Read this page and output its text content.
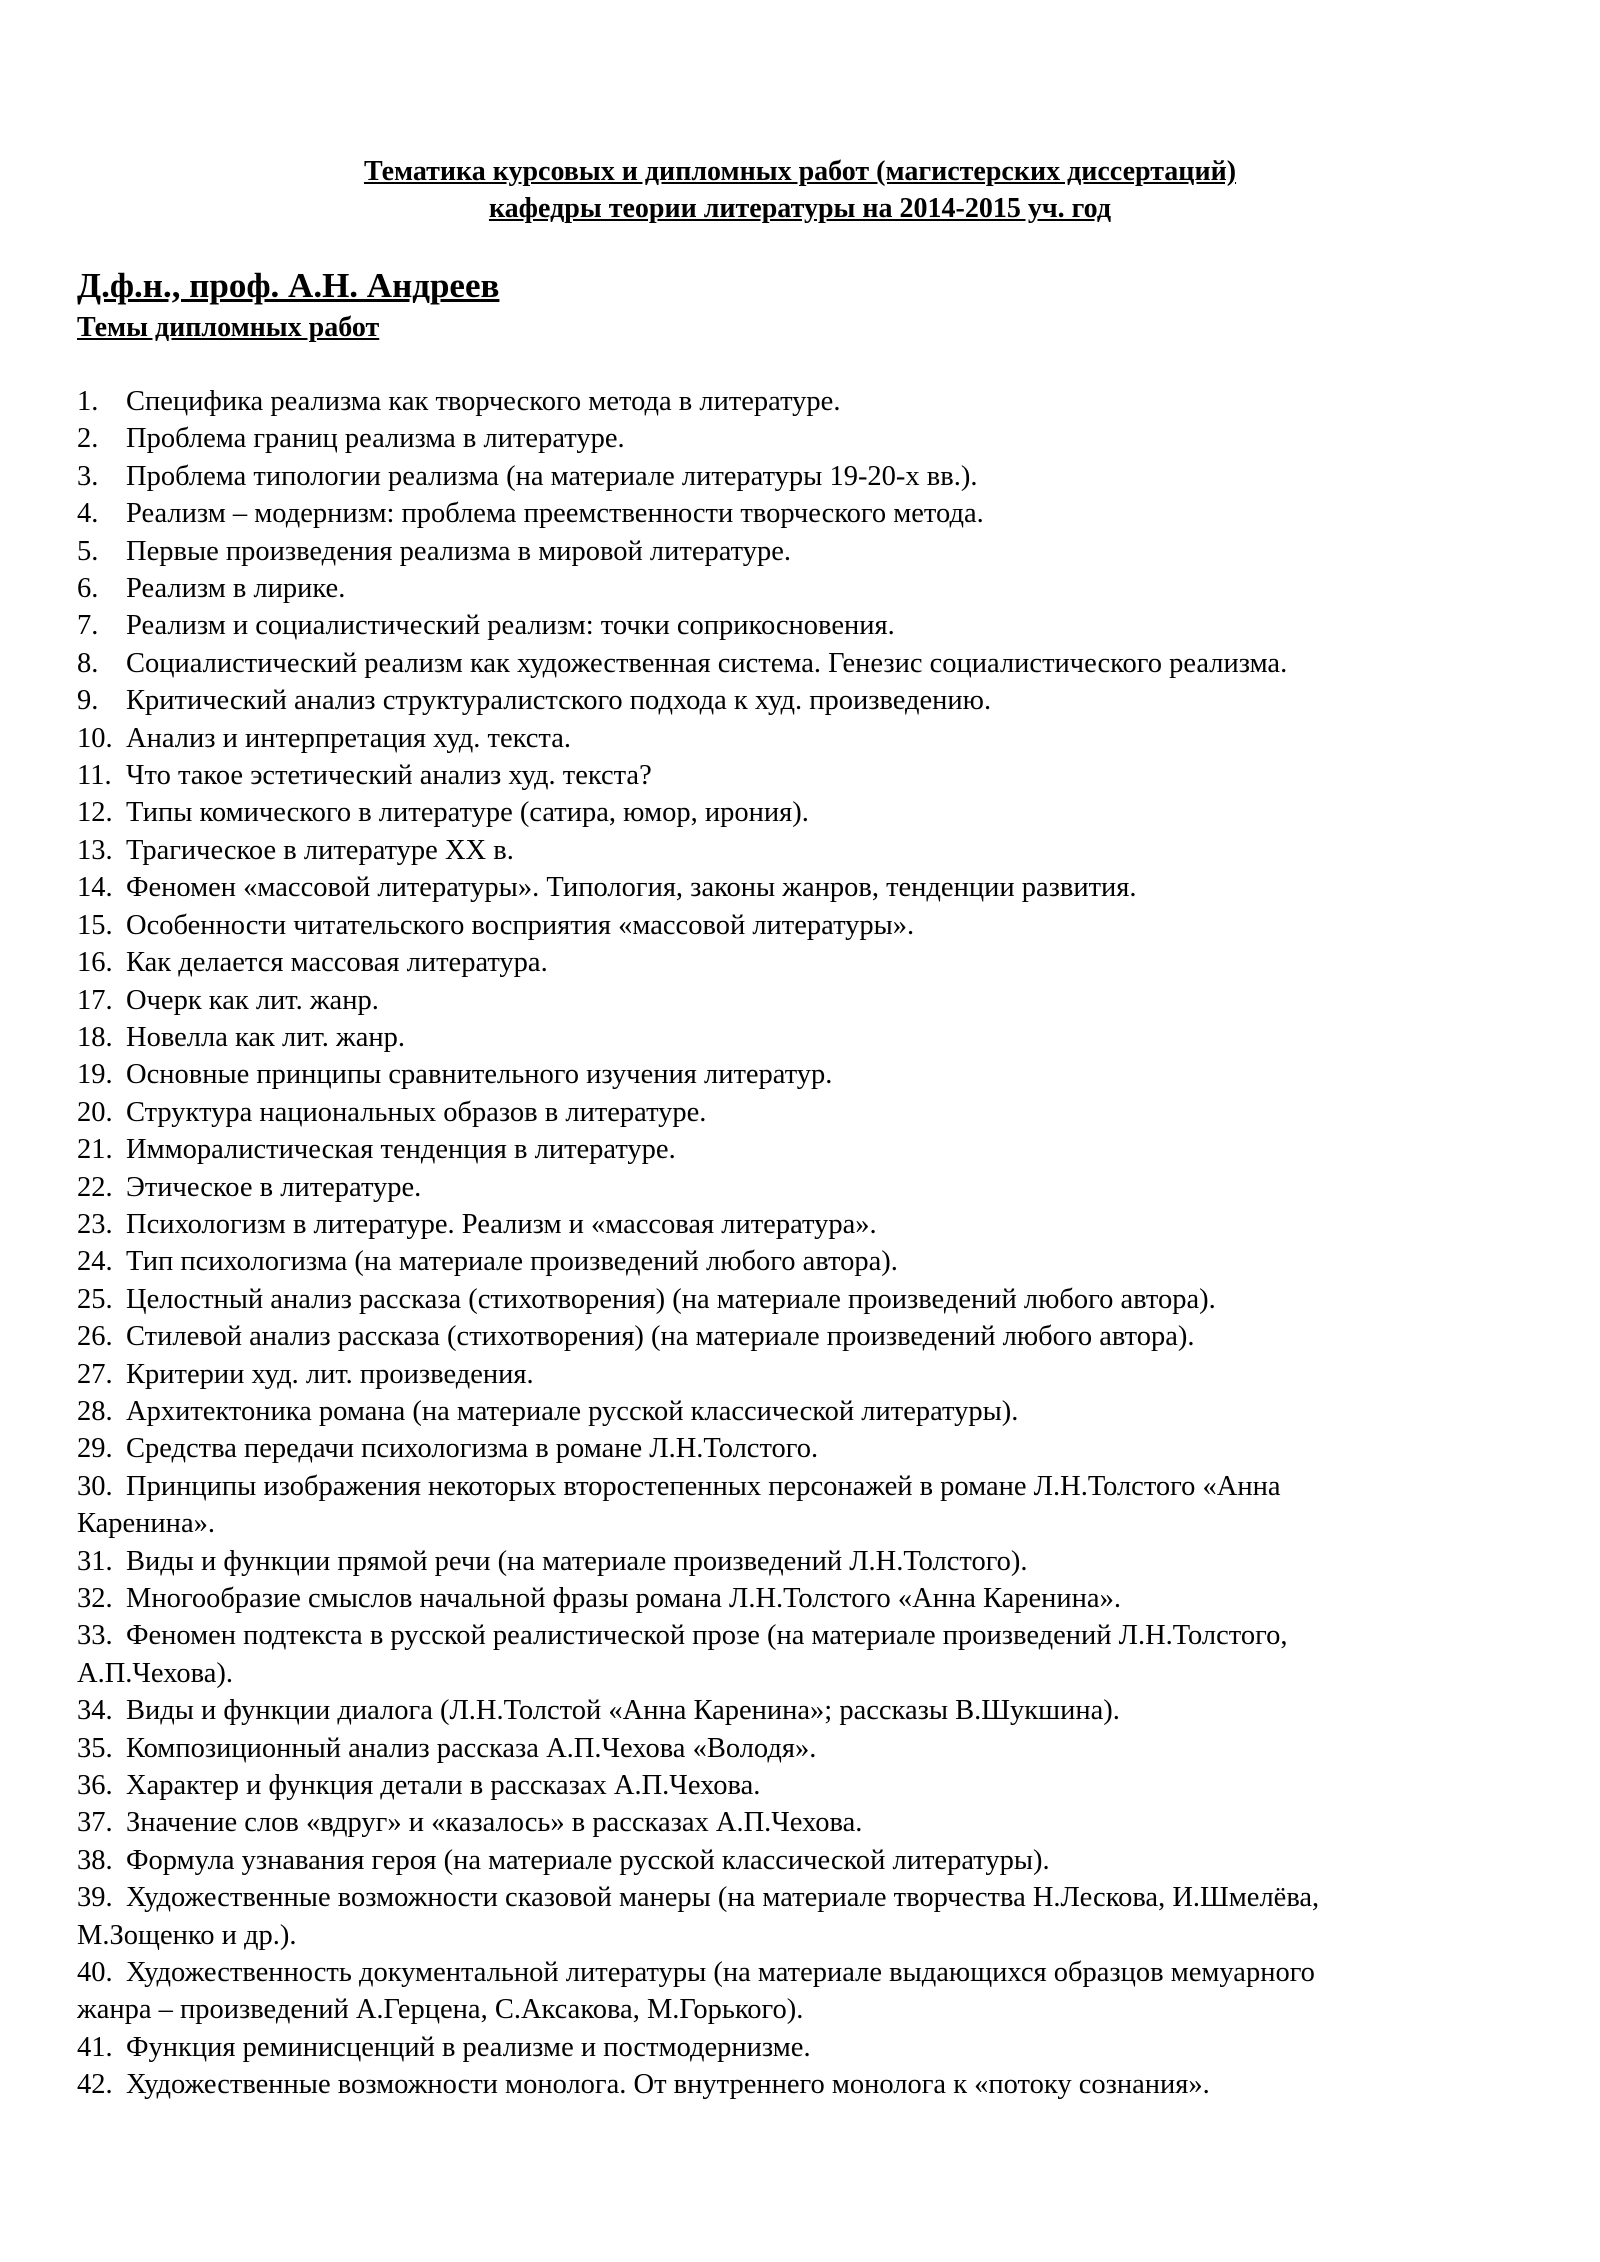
Тематика курсовых и дипломных работ (магистерских диссертаций)
кафедры теории литературы на 2014-2015 уч. год
Д.ф.н., проф. А.Н. Андреев
Темы дипломных работ
1. Специфика реализма как творческого метода в литературе.
2. Проблема границ реализма в литературе.
3. Проблема типологии реализма (на материале литературы 19-20-х вв.).
4. Реализм – модернизм: проблема преемственности творческого метода.
5. Первые произведения реализма в мировой литературе.
6. Реализм в лирике.
7. Реализм и социалистический реализм: точки соприкосновения.
8. Социалистический реализм как художественная система. Генезис социалистического реализма.
9. Критический анализ структуралистского подхода к худ. произведению.
10. Анализ и интерпретация худ. текста.
11. Что такое эстетический анализ худ. текста?
12. Типы комического в литературе (сатира, юмор, ирония).
13. Трагическое в литературе XX в.
14. Феномен «массовой литературы». Типология, законы жанров, тенденции развития.
15. Особенности читательского восприятия «массовой литературы».
16. Как делается массовая литература.
17. Очерк как лит. жанр.
18. Новелла как лит. жанр.
19. Основные принципы сравнительного изучения литератур.
20. Структура национальных образов в литературе.
21. Имморалистическая тенденция в литературе.
22. Этическое в литературе.
23. Психологизм в литературе. Реализм и «массовая литература».
24. Тип психологизма (на материале произведений любого автора).
25. Целостный анализ рассказа (стихотворения) (на материале произведений любого автора).
26. Стилевой анализ рассказа (стихотворения) (на материале произведений любого автора).
27. Критерии худ. лит. произведения.
28. Архитектоника романа (на материале русской классической литературы).
29. Средства передачи психологизма в романе Л.Н.Толстого.
30. Принципы изображения некоторых второстепенных персонажей в романе Л.Н.Толстого «Анна
Каренина».
31. Виды и функции прямой речи (на материале произведений Л.Н.Толстого).
32. Многообразие смыслов начальной фразы романа Л.Н.Толстого «Анна Каренина».
33. Феномен подтекста в русской реалистической прозе (на материале произведений Л.Н.Толстого,
А.П.Чехова).
34. Виды и функции диалога (Л.Н.Толстой «Анна Каренина»; рассказы В.Шукшина).
35. Композиционный анализ рассказа А.П.Чехова «Володя».
36. Характер и функция детали в рассказах А.П.Чехова.
37. Значение слов «вдруг» и «казалось» в рассказах А.П.Чехова.
38. Формула узнавания героя (на материале русской классической литературы).
39. Художественные возможности сказовой манеры (на материале творчества Н.Лескова, И.Шмелёва,
М.Зощенко и др.).
40. Художественность документальной литературы (на материале выдающихся образцов мемуарного
жанра – произведений А.Герцена, С.Аксакова, М.Горького).
41. Функция реминисценций в реализме и постмодернизме.
42. Художественные возможности монолога. От внутреннего монолога к «потоку сознания».
